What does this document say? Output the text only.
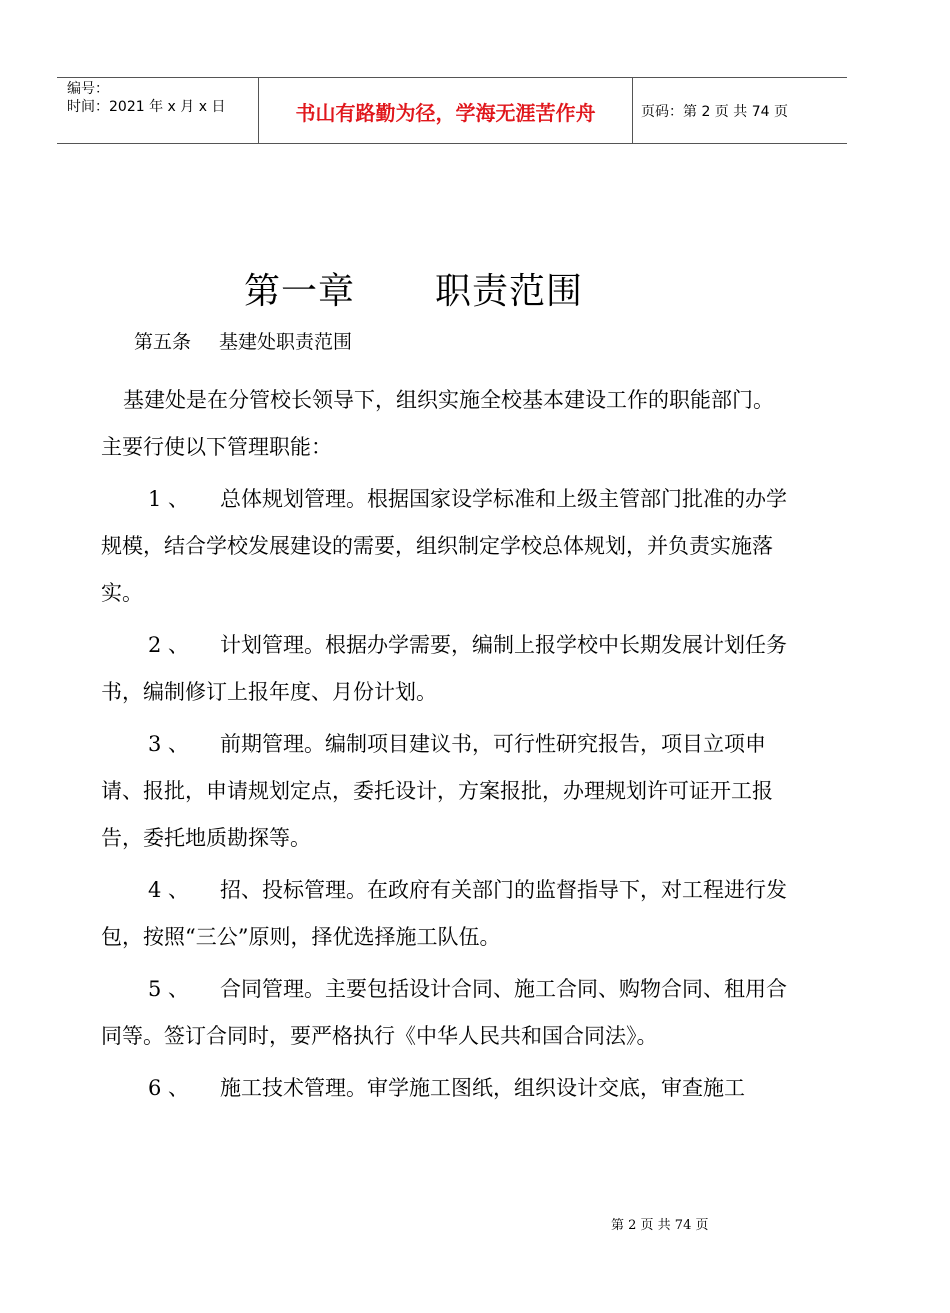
编号：
时间：2021 年 x 月 x 日	书山有路勤为径，学海无涯苦作舟	页码：第 2 页 共 74 页
第一章 职责范围
第五条 基建处职责范围

基建处是在分管校长领导下，组织实施全校基本建设工作的职能部门。主要行使以下管理职能：

1 、 总体规划管理。根据国家设学标准和上级主管部门批准的办学规模，结合学校发展建设的需要，组织制定学校总体规划，并负责实施落实。

2 、 计划管理。根据办学需要，编制上报学校中长期发展计划任务书，编制修订上报年度、月份计划。

3 、 前期管理。编制项目建议书，可行性研究报告，项目立项申请、报批，申请规划定点，委托设计，方案报批，办理规划许可证开工报告，委托地质勘探等。

4 、 招、投标管理。在政府有关部门的监督指导下，对工程进行发包，按照“三公”原则，择优选择施工队伍。

5 、 合同管理。主要包括设计合同、施工合同、购物合同、租用合同等。签订合同时，要严格执行《中华人民共和国合同法》。

6 、 施工技术管理。审学施工图纸，组织设计交底，审查施工

第 2 页 共 74 页
